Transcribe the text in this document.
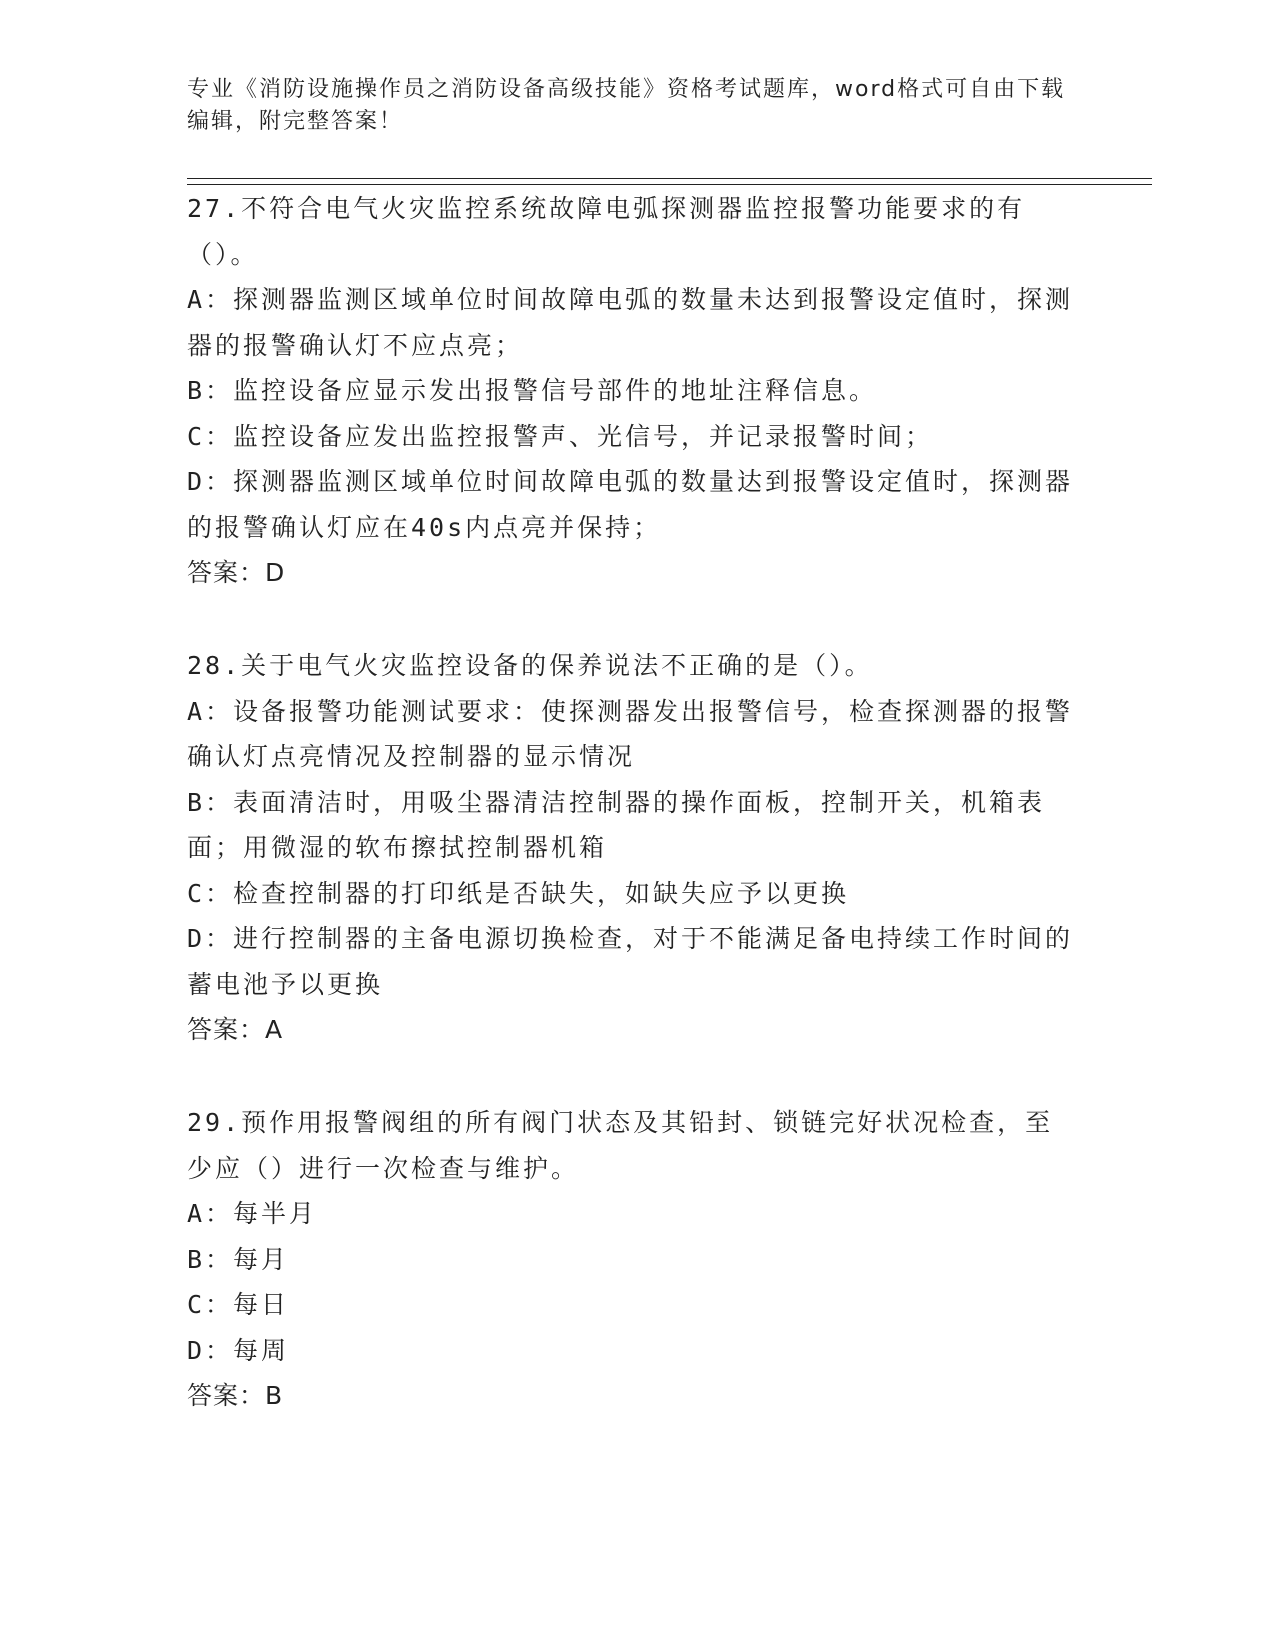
专业《消防设施操作员之消防设备高级技能》资格考试题库，word格式可自由下载编辑，附完整答案！

27.不符合电气火灾监控系统故障电弧探测器监控报警功能要求的有（）。

A：探测器监测区域单位时间故障电弧的数量未达到报警设定值时，探测器的报警确认灯不应点亮；

B：监控设备应显示发出报警信号部件的地址注释信息。

C：监控设备应发出监控报警声、光信号，并记录报警时间；

D：探测器监测区域单位时间故障电弧的数量达到报警设定值时，探测器的报警确认灯应在40s内点亮并保持；

答案：D

28.关于电气火灾监控设备的保养说法不正确的是（）。

A：设备报警功能测试要求：使探测器发出报警信号，检查探测器的报警确认灯点亮情况及控制器的显示情况

B：表面清洁时，用吸尘器清洁控制器的操作面板，控制开关，机箱表面；用微湿的软布擦拭控制器机箱

C：检查控制器的打印纸是否缺失，如缺失应予以更换

D：进行控制器的主备电源切换检查，对于不能满足备电持续工作时间的蓄电池予以更换

答案：A

29.预作用报警阀组的所有阀门状态及其铅封、锁链完好状况检查，至少应（）进行一次检查与维护。

A：每半月

B：每月

C：每日

D：每周

答案：B
